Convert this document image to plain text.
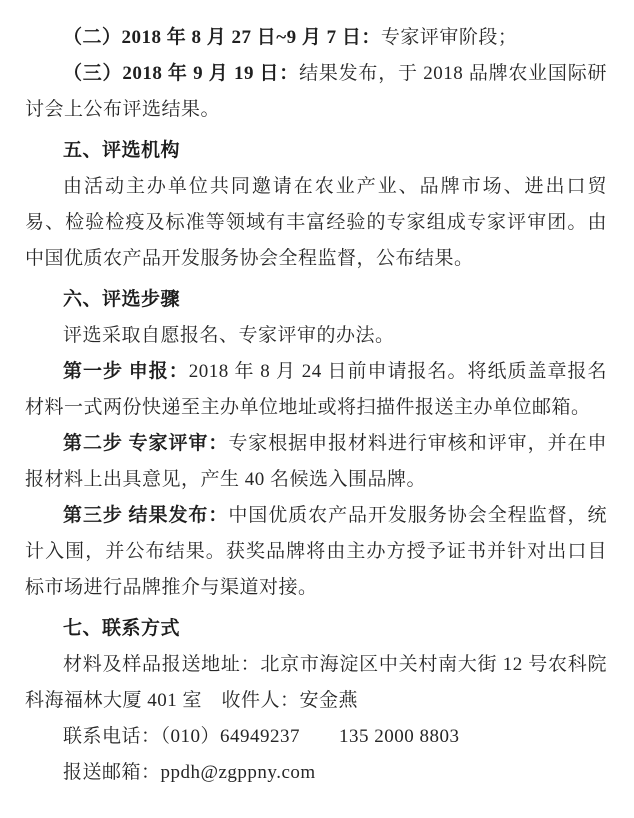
（二）2018 年 8 月 27 日~9 月 7 日：专家评审阶段；

（三）2018 年 9 月 19 日：结果发布，于 2018 品牌农业国际研讨会上公布评选结果。

五、评选机构

由活动主办单位共同邀请在农业产业、品牌市场、进出口贸易、检验检疫及标准等领域有丰富经验的专家组成专家评审团。由中国优质农产品开发服务协会全程监督，公布结果。

六、评选步骤

评选采取自愿报名、专家评审的办法。

第一步 申报：2018 年 8 月 24 日前申请报名。将纸质盖章报名材料一式两份快递至主办单位地址或将扫描件报送主办单位邮箱。

第二步 专家评审：专家根据申报材料进行审核和评审，并在申报材料上出具意见，产生 40 名候选入围品牌。

第三步 结果发布：中国优质农产品开发服务协会全程监督，统计入围，并公布结果。获奖品牌将由主办方授予证书并针对出口目标市场进行品牌推介与渠道对接。

七、联系方式

材料及样品报送地址：北京市海淀区中关村南大街 12 号农科院科海福林大厦 401 室　收件人：安金燕

联系电话：（010）64949237　　135 2000 8803

报送邮箱：ppdh@zgppny.com
